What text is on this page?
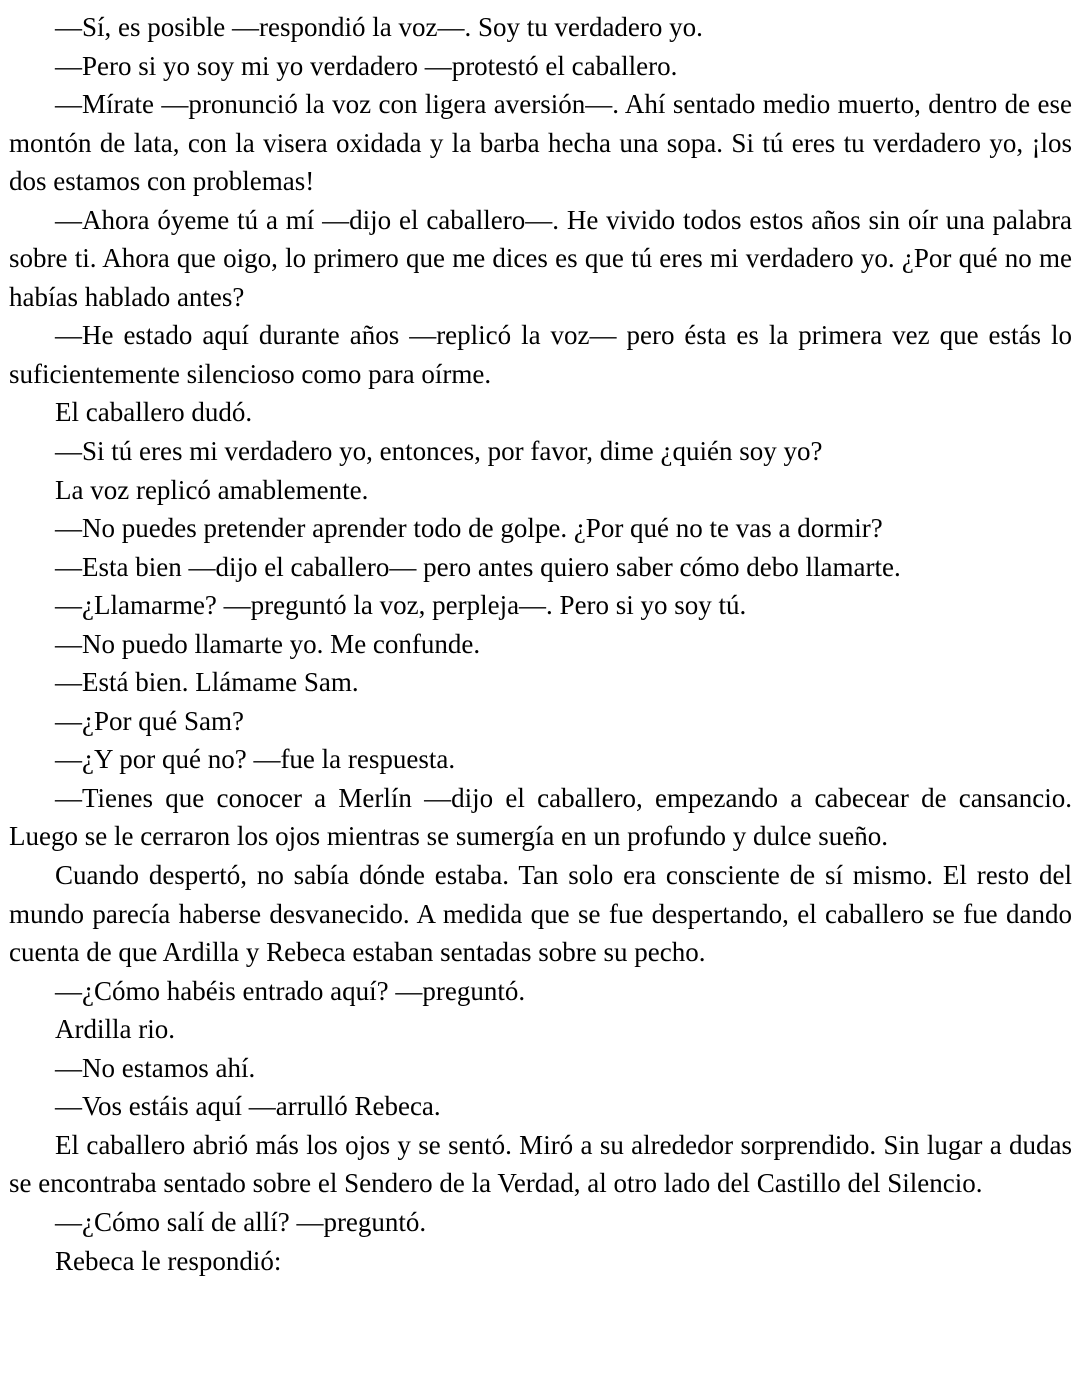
—Sí, es posible —respondió la voz—. Soy tu verdadero yo.

—Pero si yo soy mi yo verdadero —protestó el caballero.

—Mírate —pronunció la voz con ligera aversión—. Ahí sentado medio muerto, dentro de ese montón de lata, con la visera oxidada y la barba hecha una sopa. Si tú eres tu verdadero yo, ¡los dos estamos con problemas!

—Ahora óyeme tú a mí —dijo el caballero—. He vivido todos estos años sin oír una palabra sobre ti. Ahora que oigo, lo primero que me dices es que tú eres mi verdadero yo. ¿Por qué no me habías hablado antes?

—He estado aquí durante años —replicó la voz— pero ésta es la primera vez que estás lo suficientemente silencioso como para oírme.

El caballero dudó.

—Si tú eres mi verdadero yo, entonces, por favor, dime ¿quién soy yo?

La voz replicó amablemente.

—No puedes pretender aprender todo de golpe. ¿Por qué no te vas a dormir?

—Esta bien —dijo el caballero— pero antes quiero saber cómo debo llamarte.

—¿Llamarme? —preguntó la voz, perpleja—. Pero si yo soy tú.

—No puedo llamarte yo. Me confunde.

—Está bien. Llámame Sam.

—¿Por qué Sam?

—¿Y por qué no? —fue la respuesta.

—Tienes que conocer a Merlín —dijo el caballero, empezando a cabecear de cansancio. Luego se le cerraron los ojos mientras se sumergía en un profundo y dulce sueño.

Cuando despertó, no sabía dónde estaba. Tan solo era consciente de sí mismo. El resto del mundo parecía haberse desvanecido. A medida que se fue despertando, el caballero se fue dando cuenta de que Ardilla y Rebeca estaban sentadas sobre su pecho.

—¿Cómo habéis entrado aquí? —preguntó.

Ardilla rio.

—No estamos ahí.

—Vos estáis aquí —arrulló Rebeca.

El caballero abrió más los ojos y se sentó. Miró a su alrededor sorprendido. Sin lugar a dudas se encontraba sentado sobre el Sendero de la Verdad, al otro lado del Castillo del Silencio.

—¿Cómo salí de allí? —preguntó.

Rebeca le respondió:
